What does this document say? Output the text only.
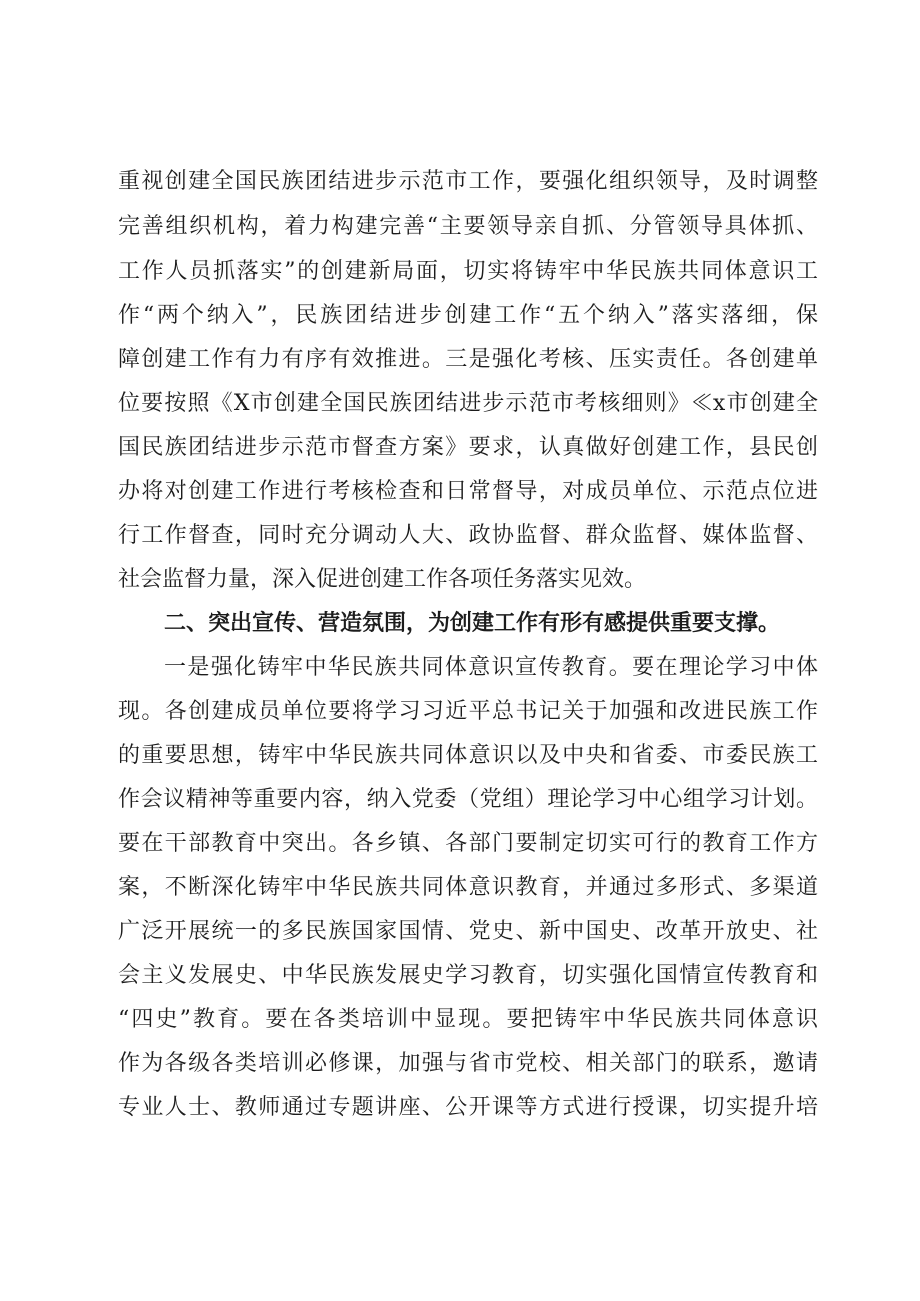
重视创建全国民族团结进步示范市工作，要强化组织领导，及时调整
完善组织机构，着力构建完善“主要领导亲自抓、分管领导具体抓、
工作人员抓落实”的创建新局面，切实将铸牢中华民族共同体意识工
作“两个纳入”，民族团结进步创建工作“五个纳入”落实落细，保
障创建工作有力有序有效推进。三是强化考核、压实责任。各创建单
位要按照《X市创建全国民族团结进步示范市考核细则》≪x市创建全
国民族团结进步示范市督查方案》要求，认真做好创建工作，县民创
办将对创建工作进行考核检查和日常督导，对成员单位、示范点位进
行工作督查，同时充分调动人大、政协监督、群众监督、媒体监督、
社会监督力量，深入促进创建工作各项任务落实见效。
二、突出宣传、营造氛围，为创建工作有形有感提供重要支撑。
一是强化铸牢中华民族共同体意识宣传教育。要在理论学习中体
现。各创建成员单位要将学习习近平总书记关于加强和改进民族工作
的重要思想，铸牢中华民族共同体意识以及中央和省委、市委民族工
作会议精神等重要内容，纳入党委（党组）理论学习中心组学习计划。
要在干部教育中突出。各乡镇、各部门要制定切实可行的教育工作方
案，不断深化铸牢中华民族共同体意识教育，并通过多形式、多渠道
广泛开展统一的多民族国家国情、党史、新中国史、改革开放史、社
会主义发展史、中华民族发展史学习教育，切实强化国情宣传教育和
“四史”教育。要在各类培训中显现。要把铸牢中华民族共同体意识
作为各级各类培训必修课，加强与省市党校、相关部门的联系，邀请
专业人士、教师通过专题讲座、公开课等方式进行授课，切实提升培
